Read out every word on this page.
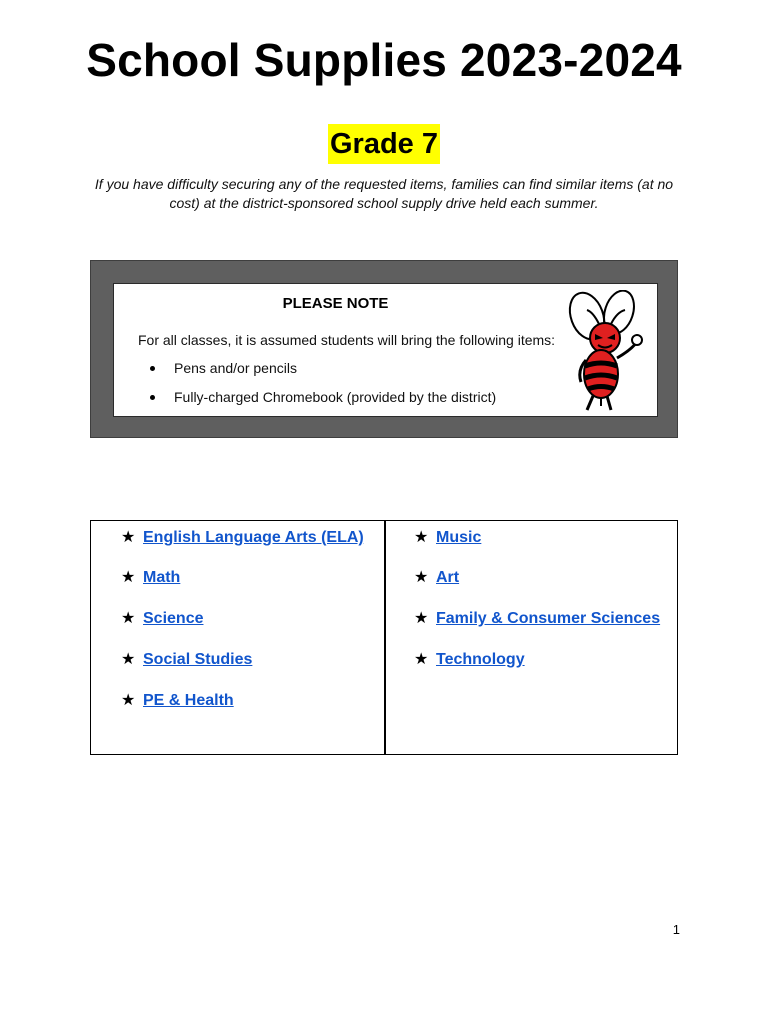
School Supplies 2023-2024
Grade 7
If you have difficulty securing any of the requested items, families can find similar items (at no cost) at the district-sponsored school supply drive held each summer.
PLEASE NOTE
For all classes, it is assumed students will bring the following items:
Pens and/or pencils
Fully-charged Chromebook (provided by the district)
★ English Language Arts (ELA)
★ Math
★ Science
★ Social Studies
★ PE & Health
★ Music
★ Art
★ Family & Consumer Sciences
★ Technology
1
